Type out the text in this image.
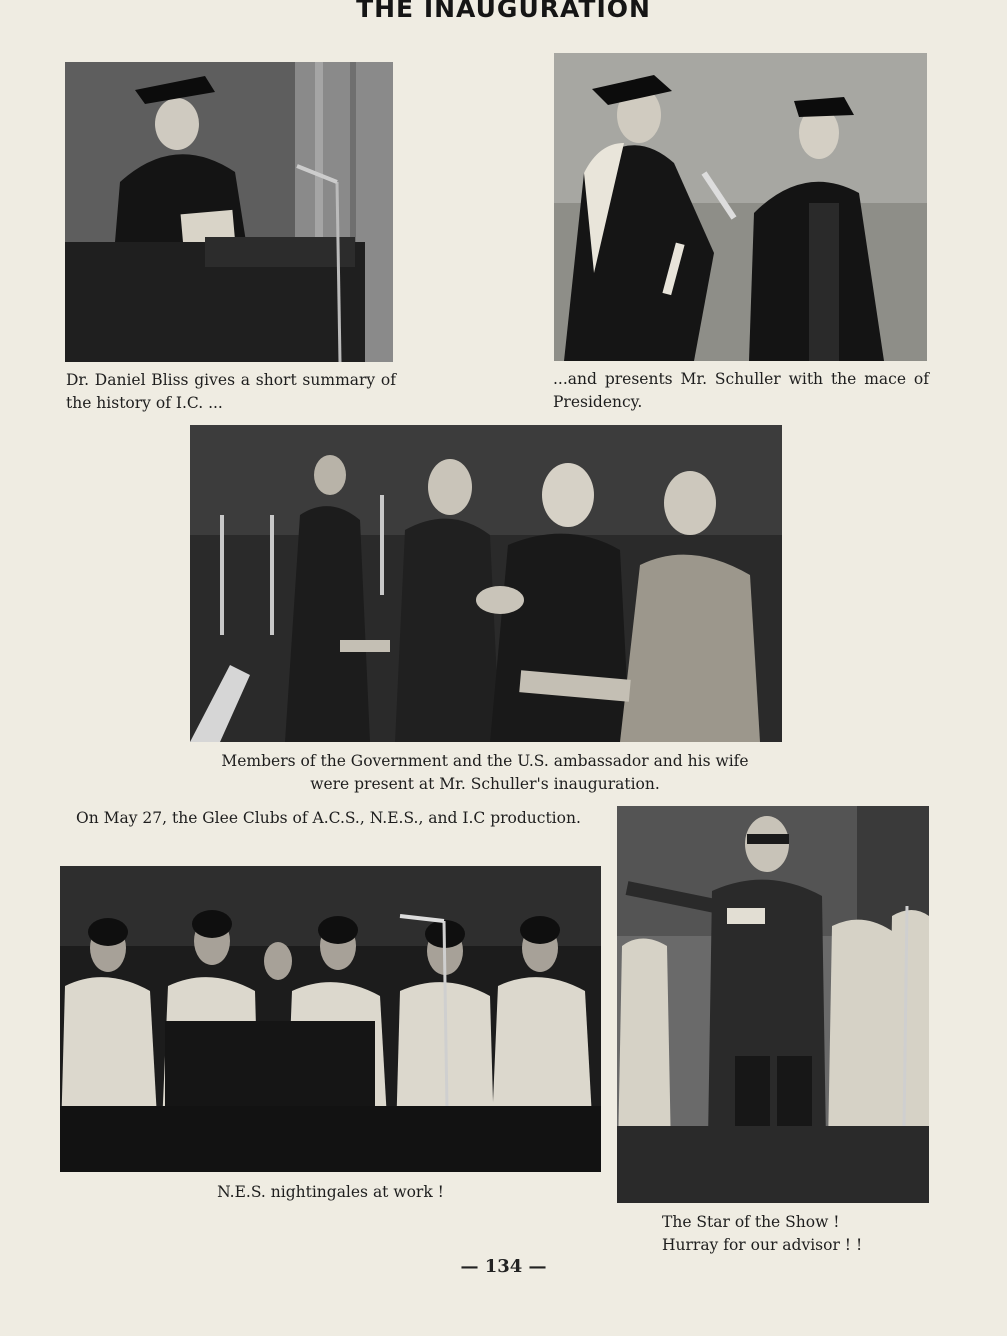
THE INAUGURATION
Dr. Daniel Bliss gives a short summary of the history of I.C. ...
...and presents Mr. Schuller with the mace of Presidency.
Members of the Government and the U.S. ambassador and his wife were present at Mr. Schuller's inauguration.
On May 27, the Glee Clubs of A.C.S., N.E.S., and I.C production.
N.E.S. nightingales at work !
The Star of the Show !
Hurray for our advisor ! !
— 134 —
